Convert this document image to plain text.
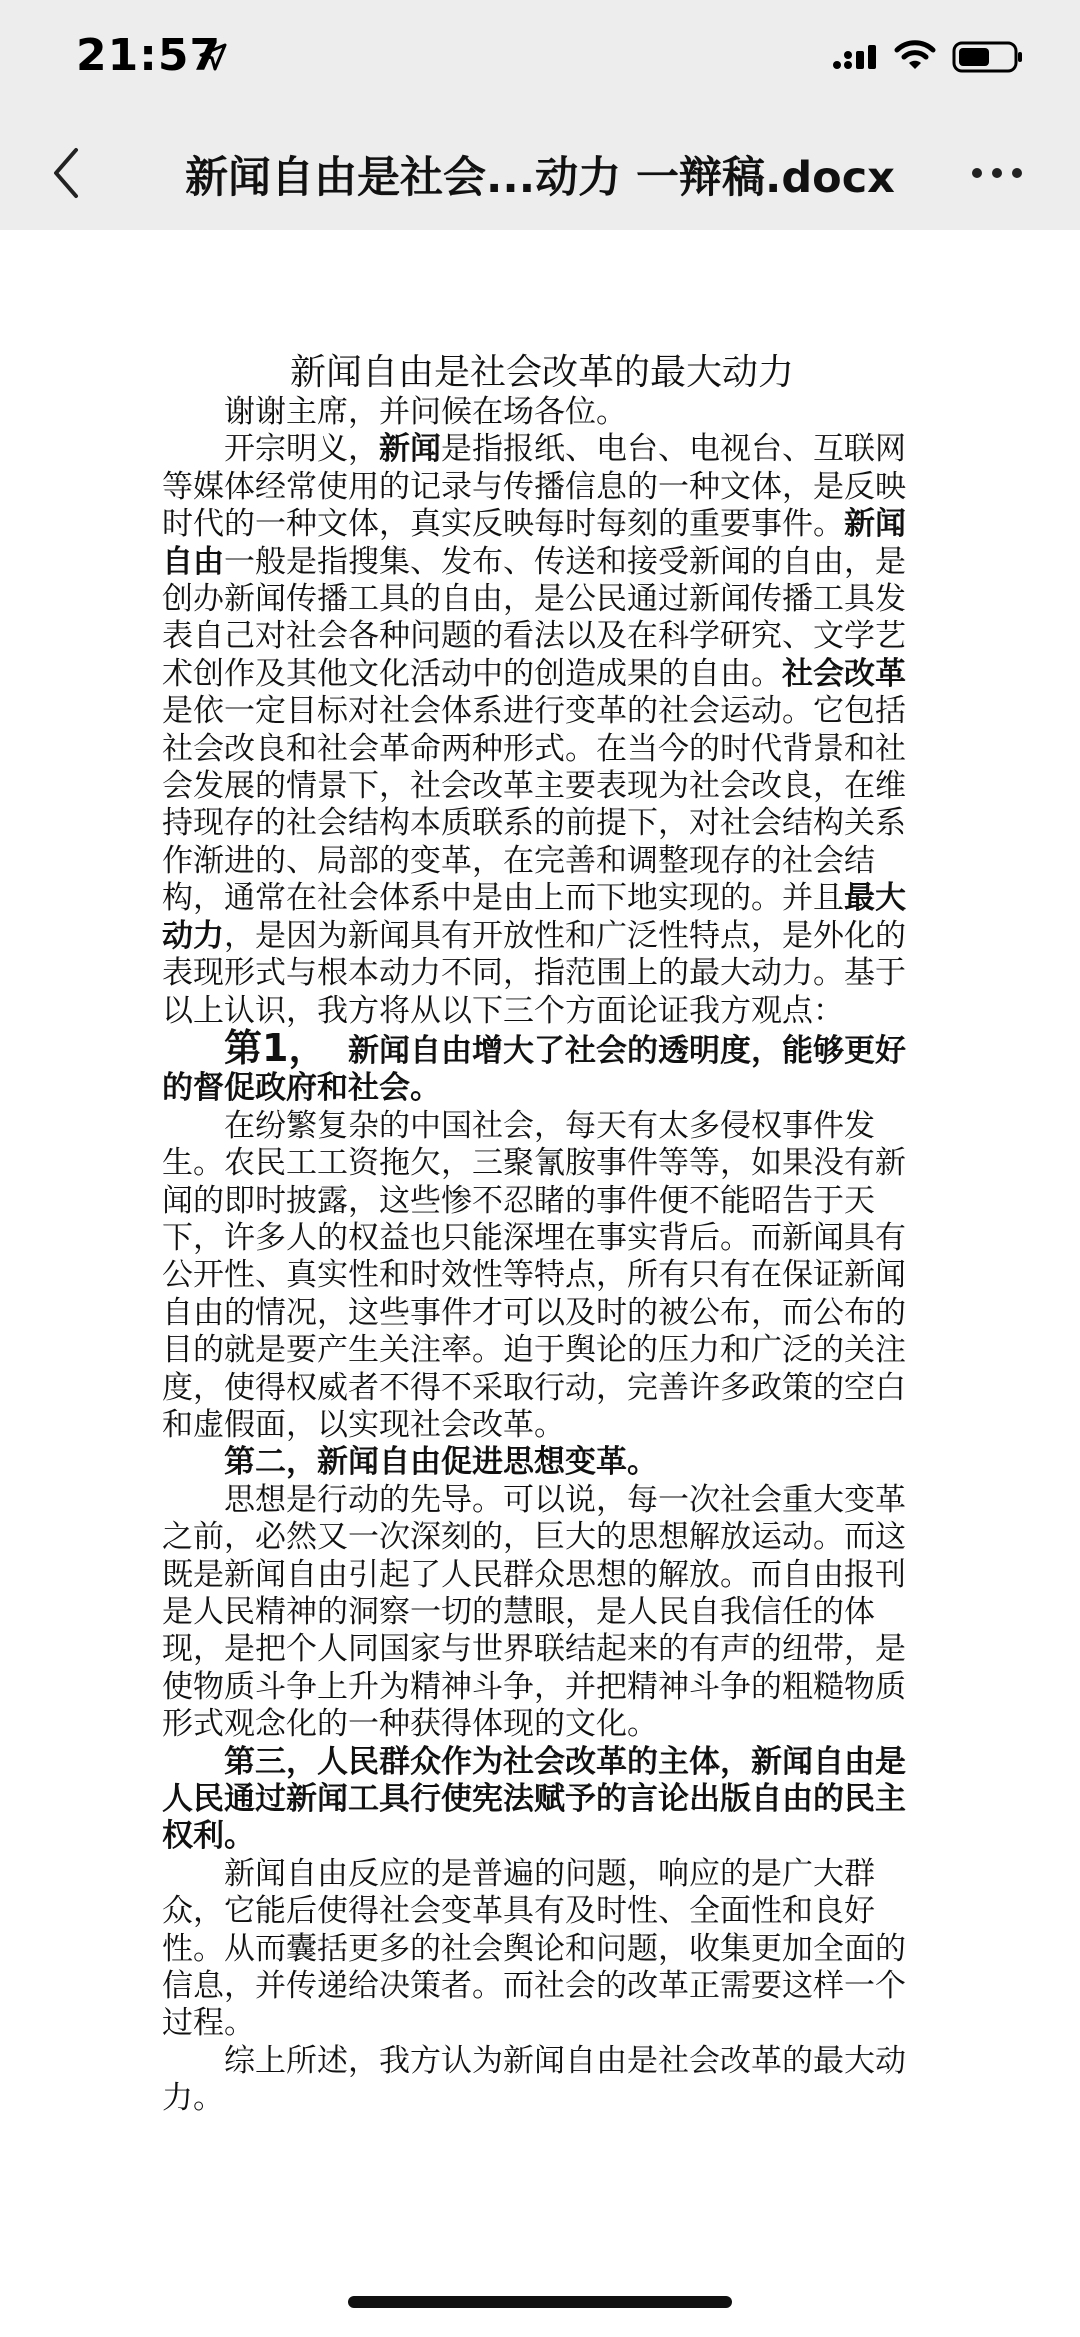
21:57
新闻自由是社会...动力 一辩稿.docx

新闻自由是社会改革的最大动力

谢谢主席，并问候在场各位。

开宗明义，新闻是指报纸、电台、电视台、互联网等媒体经常使用的记录与传播信息的一种文体，是反映时代的一种文体，真实反映每时每刻的重要事件。新闻自由一般是指搜集、发布、传送和接受新闻的自由，是创办新闻传播工具的自由，是公民通过新闻传播工具发表自己对社会各种问题的看法以及在科学研究、文学艺术创作及其他文化活动中的创造成果的自由。社会改革是依一定目标对社会体系进行变革的社会运动。它包括社会改良和社会革命两种形式。在当今的时代背景和社会发展的情景下，社会改革主要表现为社会改良，在维持现存的社会结构本质联系的前提下，对社会结构关系作渐进的、局部的变革，在完善和调整现存的社会结构，通常在社会体系中是由上而下地实现的。并且最大动力，是因为新闻具有开放性和广泛性特点，是外化的表现形式与根本动力不同，指范围上的最大动力。基于以上认识，我方将从以下三个方面论证我方观点：

第1， 新闻自由增大了社会的透明度，能够更好的督促政府和社会。

在纷繁复杂的中国社会，每天有太多侵权事件发生。农民工工资拖欠，三聚氰胺事件等等，如果没有新闻的即时披露，这些惨不忍睹的事件便不能昭告于天下，许多人的权益也只能深埋在事实背后。而新闻具有公开性、真实性和时效性等特点，所有只有在保证新闻自由的情况，这些事件才可以及时的被公布，而公布的目的就是要产生关注率。迫于舆论的压力和广泛的关注度，使得权威者不得不采取行动，完善许多政策的空白和虚假面，以实现社会改革。

第二，新闻自由促进思想变革。

思想是行动的先导。可以说，每一次社会重大变革之前，必然又一次深刻的，巨大的思想解放运动。而这既是新闻自由引起了人民群众思想的解放。而自由报刊是人民精神的洞察一切的慧眼，是人民自我信任的体现，是把个人同国家与世界联结起来的有声的纽带，是使物质斗争上升为精神斗争，并把精神斗争的粗糙物质形式观念化的一种获得体现的文化。

第三，人民群众作为社会改革的主体，新闻自由是人民通过新闻工具行使宪法赋予的言论出版自由的民主权利。

新闻自由反应的是普遍的问题，响应的是广大群众，它能后使得社会变革具有及时性、全面性和良好性。从而囊括更多的社会舆论和问题，收集更加全面的信息，并传递给决策者。而社会的改革正需要这样一个过程。

综上所述，我方认为新闻自由是社会改革的最大动力。
